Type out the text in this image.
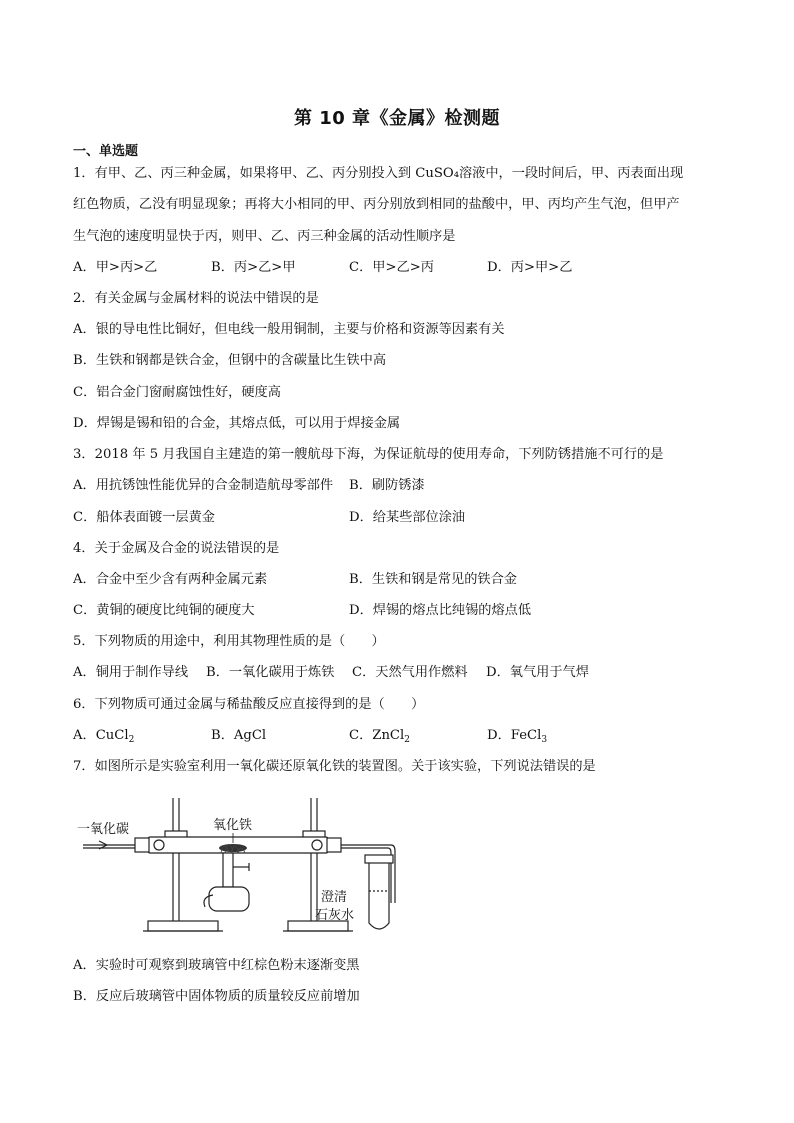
第 10 章《金属》检测题
一、单选题
1．有甲、乙、丙三种金属，如果将甲、乙、丙分别投入到 CuSO₄溶液中，一段时间后，甲、丙表面出现
红色物质，乙没有明显现象；再将大小相同的甲、丙分别放到相同的盐酸中，甲、丙均产生气泡，但甲产
生气泡的速度明显快于丙，则甲、乙、丙三种金属的活动性顺序是
A．甲>丙>乙	B．丙>乙>甲	C．甲>乙>丙	D．丙>甲>乙
2．有关金属与金属材料的说法中错误的是
A．银的导电性比铜好，但电线一般用铜制，主要与价格和资源等因素有关
B．生铁和钢都是铁合金，但钢中的含碳量比生铁中高
C．铝合金门窗耐腐蚀性好，硬度高
D．焊锡是锡和铅的合金，其熔点低，可以用于焊接金属
3．2018 年 5 月我国自主建造的第一艘航母下海，为保证航母的使用寿命，下列防锈措施不可行的是
A．用抗锈蚀性能优异的合金制造航母零部件 B．刷防锈漆
C．船体表面镀一层黄金	D．给某些部位涂油
4．关于金属及合金的说法错误的是
A．合金中至少含有两种金属元素	B．生铁和钢是常见的铁合金
C．黄铜的硬度比纯铜的硬度大	D．焊锡的熔点比纯锡的熔点低
5．下列物质的用途中，利用其物理性质的是（　　）
A．铜用于制作导线 B．一氧化碳用于炼铁 C．天然气用作燃料 D．氧气用于气焊
6．下列物质可通过金属与稀盐酸反应直接得到的是（　　）
A．CuCl$_2$	B．AgCl	C．ZnCl$_2$	D．FeCl$_3$
7．如图所示是实验室利用一氧化碳还原氧化铁的装置图。关于该实验，下列说法错误的是
一氧化碳	氧化铁
澄清
石灰水
A．实验时可观察到玻璃管中红棕色粉末逐渐变黑
B．反应后玻璃管中固体物质的质量较反应前增加
